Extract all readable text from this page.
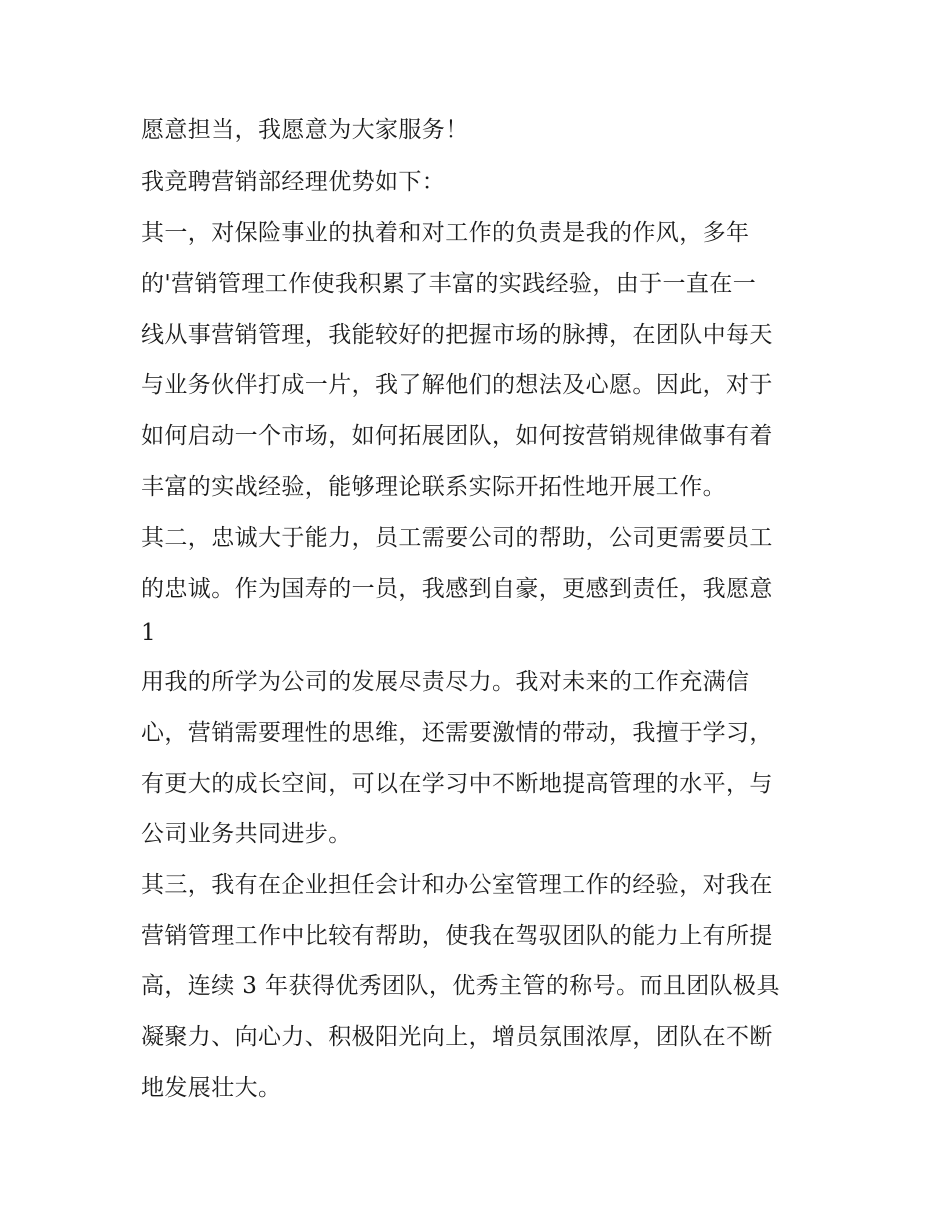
愿意担当，我愿意为大家服务！
我竞聘营销部经理优势如下：
其一，对保险事业的执着和对工作的负责是我的作风，多年
的'营销管理工作使我积累了丰富的实践经验，由于一直在一
线从事营销管理，我能较好的把握市场的脉搏，在团队中每天
与业务伙伴打成一片，我了解他们的想法及心愿。因此，对于
如何启动一个市场，如何拓展团队，如何按营销规律做事有着
丰富的实战经验，能够理论联系实际开拓性地开展工作。
其二，忠诚大于能力，员工需要公司的帮助，公司更需要员工
的忠诚。作为国寿的一员，我感到自豪，更感到责任，我愿意
1
用我的所学为公司的发展尽责尽力。我对未来的工作充满信
心，营销需要理性的思维，还需要激情的带动，我擅于学习，
有更大的成长空间，可以在学习中不断地提高管理的水平，与
公司业务共同进步。
其三，我有在企业担任会计和办公室管理工作的经验，对我在
营销管理工作中比较有帮助，使我在驾驭团队的能力上有所提
高，连续 3 年获得优秀团队，优秀主管的称号。而且团队极具
凝聚力、向心力、积极阳光向上，增员氛围浓厚，团队在不断
地发展壮大。
